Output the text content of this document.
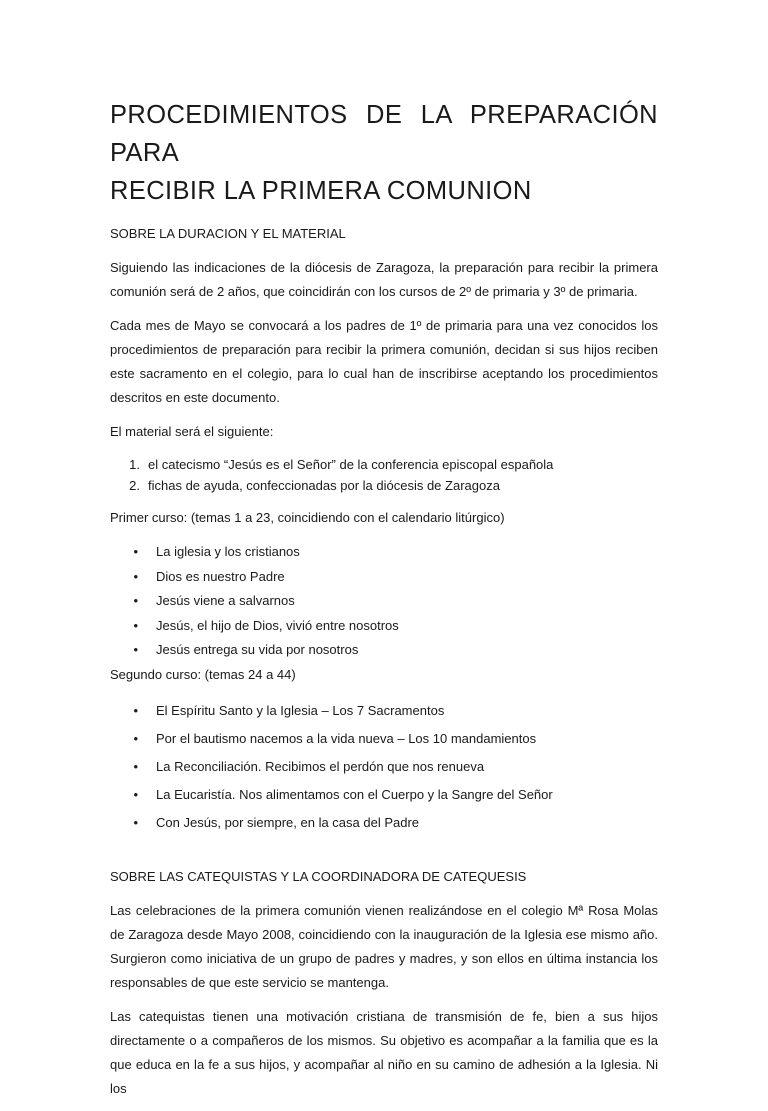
PROCEDIMIENTOS DE LA PREPARACIÓN PARA
RECIBIR LA PRIMERA COMUNION
SOBRE LA DURACION Y EL MATERIAL

Siguiendo las indicaciones de la diócesis de Zaragoza, la preparación para recibir la primera comunión será de 2 años, que coincidirán con los cursos de 2º de primaria y 3º de primaria.

Cada mes de Mayo se convocará a los padres de 1º de primaria para una vez conocidos los procedimientos de preparación para recibir la primera comunión, decidan si sus hijos reciben este sacramento en el colegio, para lo cual han de inscribirse aceptando los procedimientos descritos en este documento.

El material será el siguiente:
1. el catecismo “Jesús es el Señor” de la conferencia episcopal española
2. fichas de ayuda, confeccionadas por la diócesis de Zaragoza
Primer curso: (temas 1 a 23, coincidiendo con el calendario litúrgico)
•	La iglesia y los cristianos
•	Dios es nuestro Padre
•	Jesús viene a salvarnos
•	Jesús, el hijo de Dios, vivió entre nosotros
•	Jesús entrega su vida por nosotros
Segundo curso: (temas 24 a 44)
•	El Espíritu Santo y la Iglesia – Los 7 Sacramentos
•	Por el bautismo nacemos a la vida nueva – Los 10 mandamientos
•	La Reconciliación. Recibimos el perdón que nos renueva
•	La Eucaristía. Nos alimentamos con el Cuerpo y la Sangre del Señor
•	Con Jesús, por siempre, en la casa del Padre
SOBRE LAS CATEQUISTAS Y LA COORDINADORA DE CATEQUESIS

Las celebraciones de la primera comunión vienen realizándose en el colegio Mª Rosa Molas de Zaragoza desde Mayo 2008, coincidiendo con la inauguración de la Iglesia ese mismo año. Surgieron como iniciativa de un grupo de padres y madres, y son ellos en última instancia los responsables de que este servicio se mantenga.

Las catequistas tienen una motivación cristiana de transmisión de fe, bien a sus hijos directamente o a compañeros de los mismos. Su objetivo es acompañar a la familia que es la que educa en la fe a sus hijos, y acompañar al niño en su camino de adhesión a la Iglesia. Ni los
